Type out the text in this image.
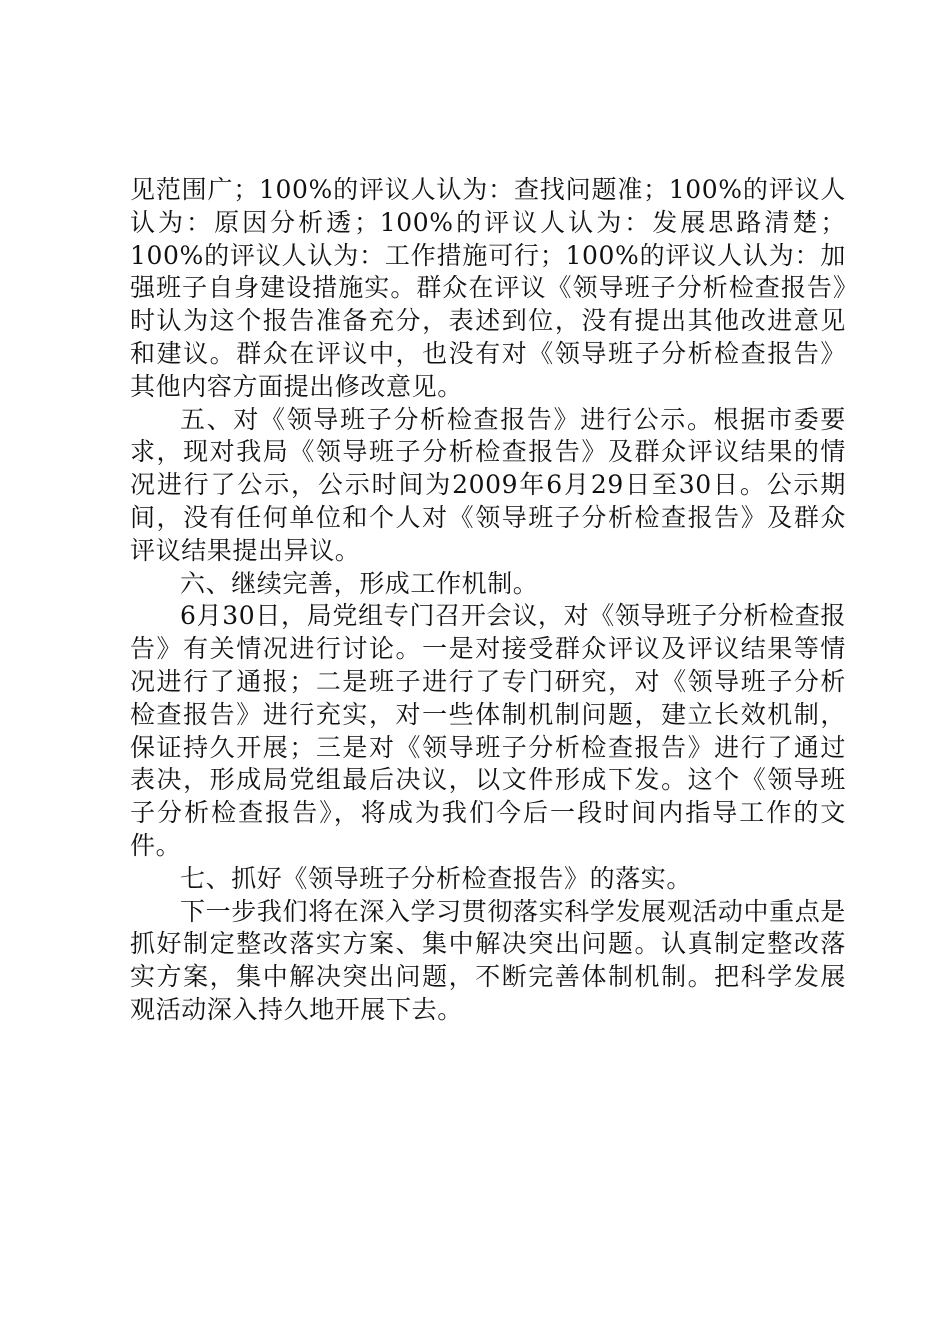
见范围广；100%的评议人认为：查找问题准；100%的评议人认为：原因分析透；100%的评议人认为：发展思路清楚；100%的评议人认为：工作措施可行；100%的评议人认为：加强班子自身建设措施实。群众在评议《领导班子分析检查报告》时认为这个报告准备充分，表述到位，没有提出其他改进意见和建议。群众在评议中，也没有对《领导班子分析检查报告》其他内容方面提出修改意见。

五、对《领导班子分析检查报告》进行公示。根据市委要求，现对我局《领导班子分析检查报告》及群众评议结果的情况进行了公示，公示时间为2009年6月29日至30日。公示期间，没有任何单位和个人对《领导班子分析检查报告》及群众评议结果提出异议。

六、继续完善，形成工作机制。

6月30日，局党组专门召开会议，对《领导班子分析检查报告》有关情况进行讨论。一是对接受群众评议及评议结果等情况进行了通报；二是班子进行了专门研究，对《领导班子分析检查报告》进行充实，对一些体制机制问题，建立长效机制，保证持久开展；三是对《领导班子分析检查报告》进行了通过表决，形成局党组最后决议，以文件形成下发。这个《领导班子分析检查报告》，将成为我们今后一段时间内指导工作的文件。

七、抓好《领导班子分析检查报告》的落实。

下一步我们将在深入学习贯彻落实科学发展观活动中重点是抓好制定整改落实方案、集中解决突出问题。认真制定整改落实方案，集中解决突出问题，不断完善体制机制。把科学发展观活动深入持久地开展下去。
